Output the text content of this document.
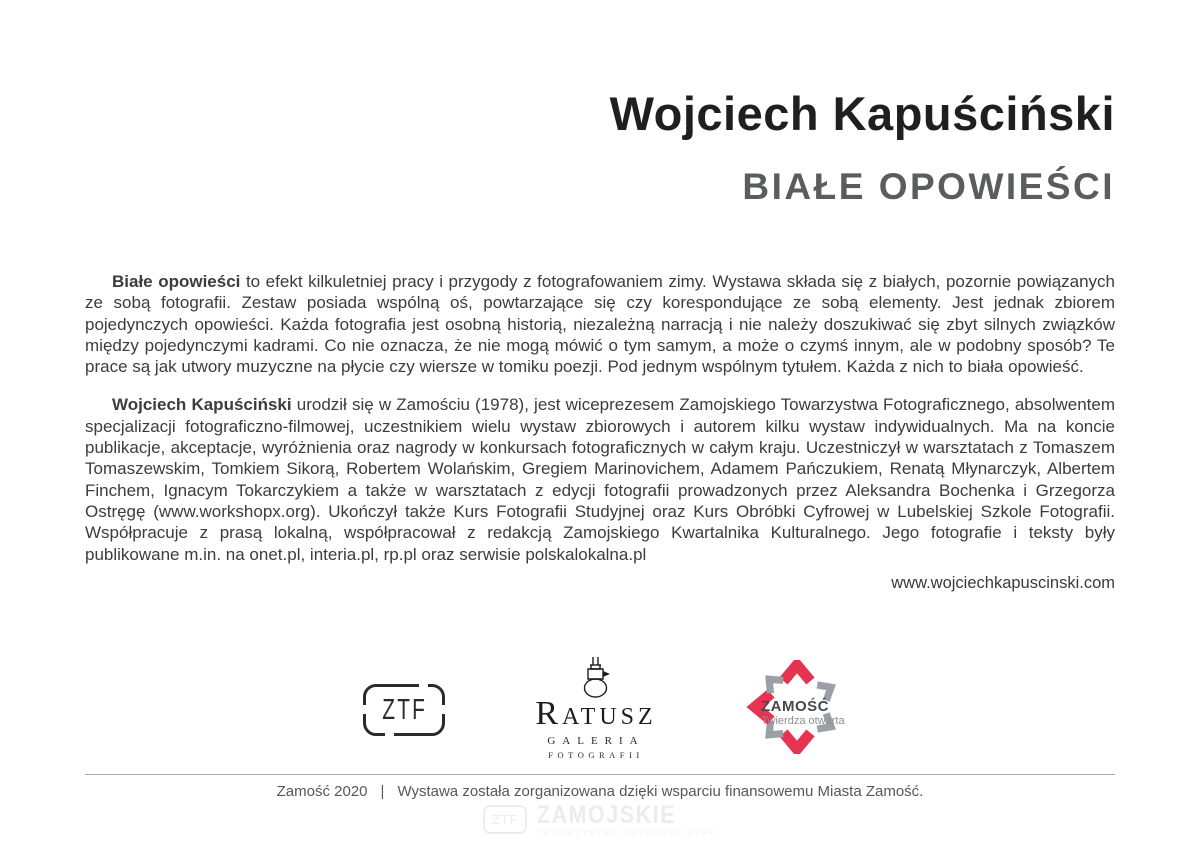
Wojciech Kapuściński
BIAŁE OPOWIEŚCI

Białe opowieści to efekt kilkuletniej pracy i przygody z fotografowaniem zimy. Wystawa składa się z białych, pozornie powiązanych ze sobą fotografii. Zestaw posiada wspólną oś, powtarzające się czy korespondujące ze sobą elementy. Jest jednak zbiorem pojedynczych opowieści. Każda fotografia jest osobną historią, niezależną narracją i nie należy doszukiwać się zbyt silnych związków między pojedynczymi kadrami. Co nie oznacza, że nie mogą mówić o tym samym, a może o czymś innym, ale w podobny sposób? Te prace są jak utwory muzyczne na płycie czy wiersze w tomiku poezji. Pod jednym wspólnym tytułem. Każda z nich to biała opowieść.

Wojciech Kapuściński urodził się w Zamościu (1978), jest wiceprezesem Zamojskiego Towarzystwa Fotograficznego, absolwentem specjalizacji fotograficzno-filmowej, uczestnikiem wielu wystaw zbiorowych i autorem kilku wystaw indywidualnych. Ma na koncie publikacje, akceptacje, wyróżnienia oraz nagrody w konkursach fotograficznych w całym kraju. Uczestniczył w warsztatach z Tomaszem Tomaszewskim, Tomkiem Sikorą, Robertem Wolańskim, Gregiem Marinovichem, Adamem Pańczukiem, Renatą Młynarczyk, Albertem Finchem, Ignacym Tokarczykiem a także w warsztatach z edycji fotografii prowadzonych przez Aleksandra Bochenka i Grzegorza Ostręgę (www.workshopx.org). Ukończył także Kurs Fotografii Studyjnej oraz Kurs Obróbki Cyfrowej w Lubelskiej Szkole Fotografii. Współpracuje z prasą lokalną, współpracował z redakcją Zamojskiego Kwartalnika Kulturalnego. Jego fotografie i teksty były publikowane m.in. na onet.pl, interia.pl, rp.pl oraz serwisie polskalokalna.pl

www.wojciechkapuscinski.com
ZTF	RATUSZ
GALERIA
FOTOGRAFII
ZAMOŚĆ
Twierdza otwarta
Zamość 2020 | Wystawa została zorganizowana dzięki wsparciu finansowemu Miasta Zamość.
ZTF ZAMOJSKIE
TOWARZYSTWO FOTOGRAFICZNE
